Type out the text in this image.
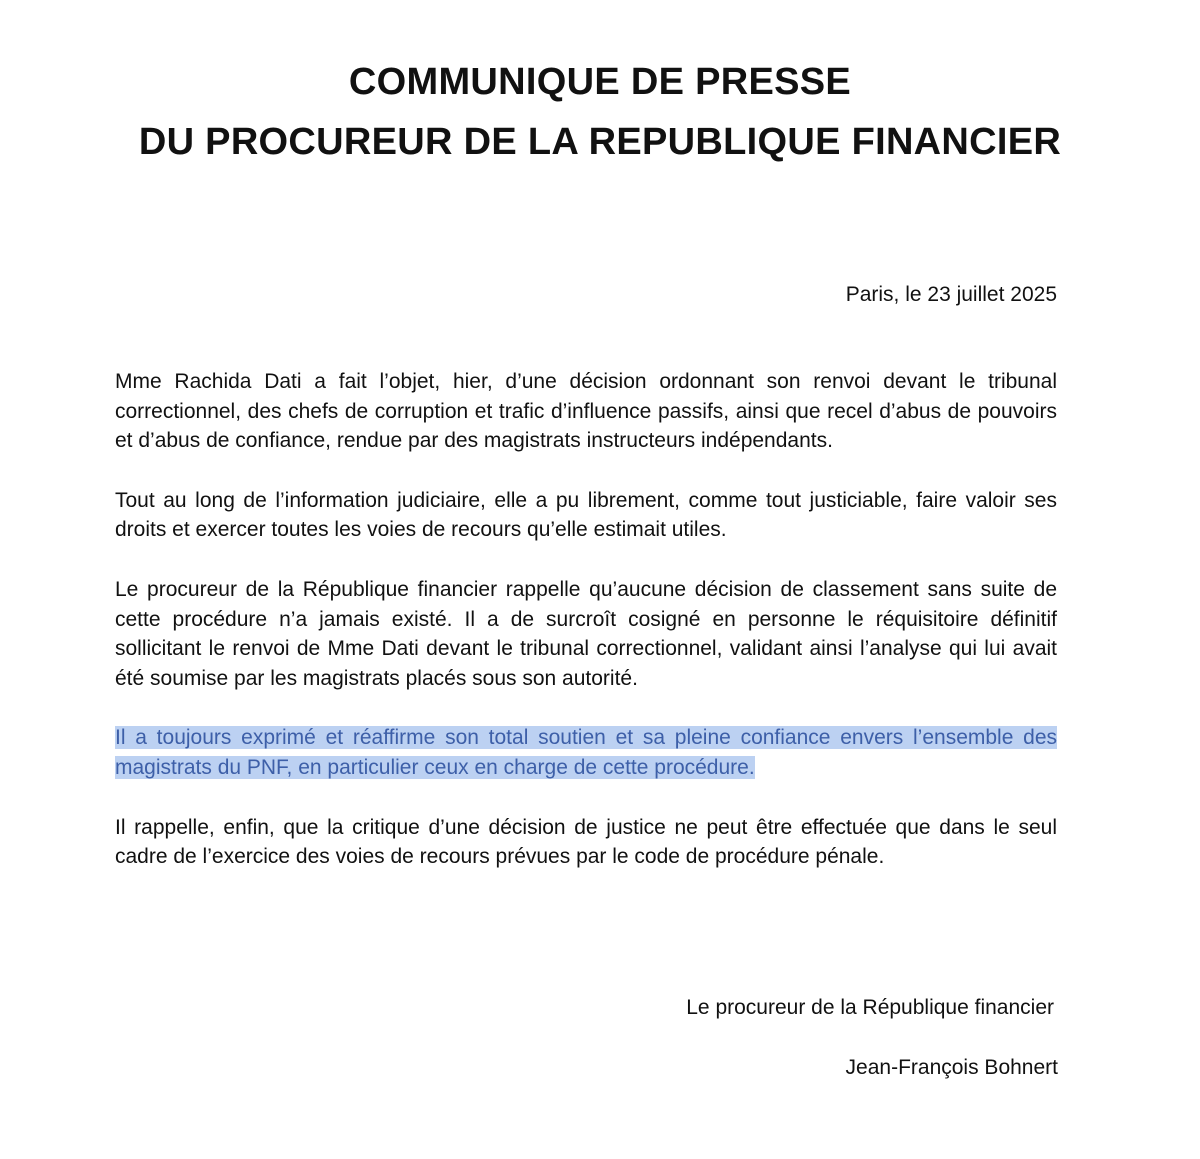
COMMUNIQUE DE PRESSE
DU PROCUREUR DE LA REPUBLIQUE FINANCIER
Paris, le 23 juillet 2025

Mme Rachida Dati a fait l’objet, hier, d’une décision ordonnant son renvoi devant le tribunal correctionnel, des chefs de corruption et trafic d’influence passifs, ainsi que recel d’abus de pouvoirs et d’abus de confiance, rendue par des magistrats instructeurs indépendants.

Tout au long de l’information judiciaire, elle a pu librement, comme tout justiciable, faire valoir ses droits et exercer toutes les voies de recours qu’elle estimait utiles.

Le procureur de la République financier rappelle qu’aucune décision de classement sans suite de cette procédure n’a jamais existé. Il a de surcroît cosigné en personne le réquisitoire définitif sollicitant le renvoi de Mme Dati devant le tribunal correctionnel, validant ainsi l’analyse qui lui avait été soumise par les magistrats placés sous son autorité.

Il a toujours exprimé et réaffirme son total soutien et sa pleine confiance envers l’ensemble des magistrats du PNF, en particulier ceux en charge de cette procédure.

Il rappelle, enfin, que la critique d’une décision de justice ne peut être effectuée que dans le seul cadre de l’exercice des voies de recours prévues par le code de procédure pénale.

Le procureur de la République financier
Jean-François Bohnert
